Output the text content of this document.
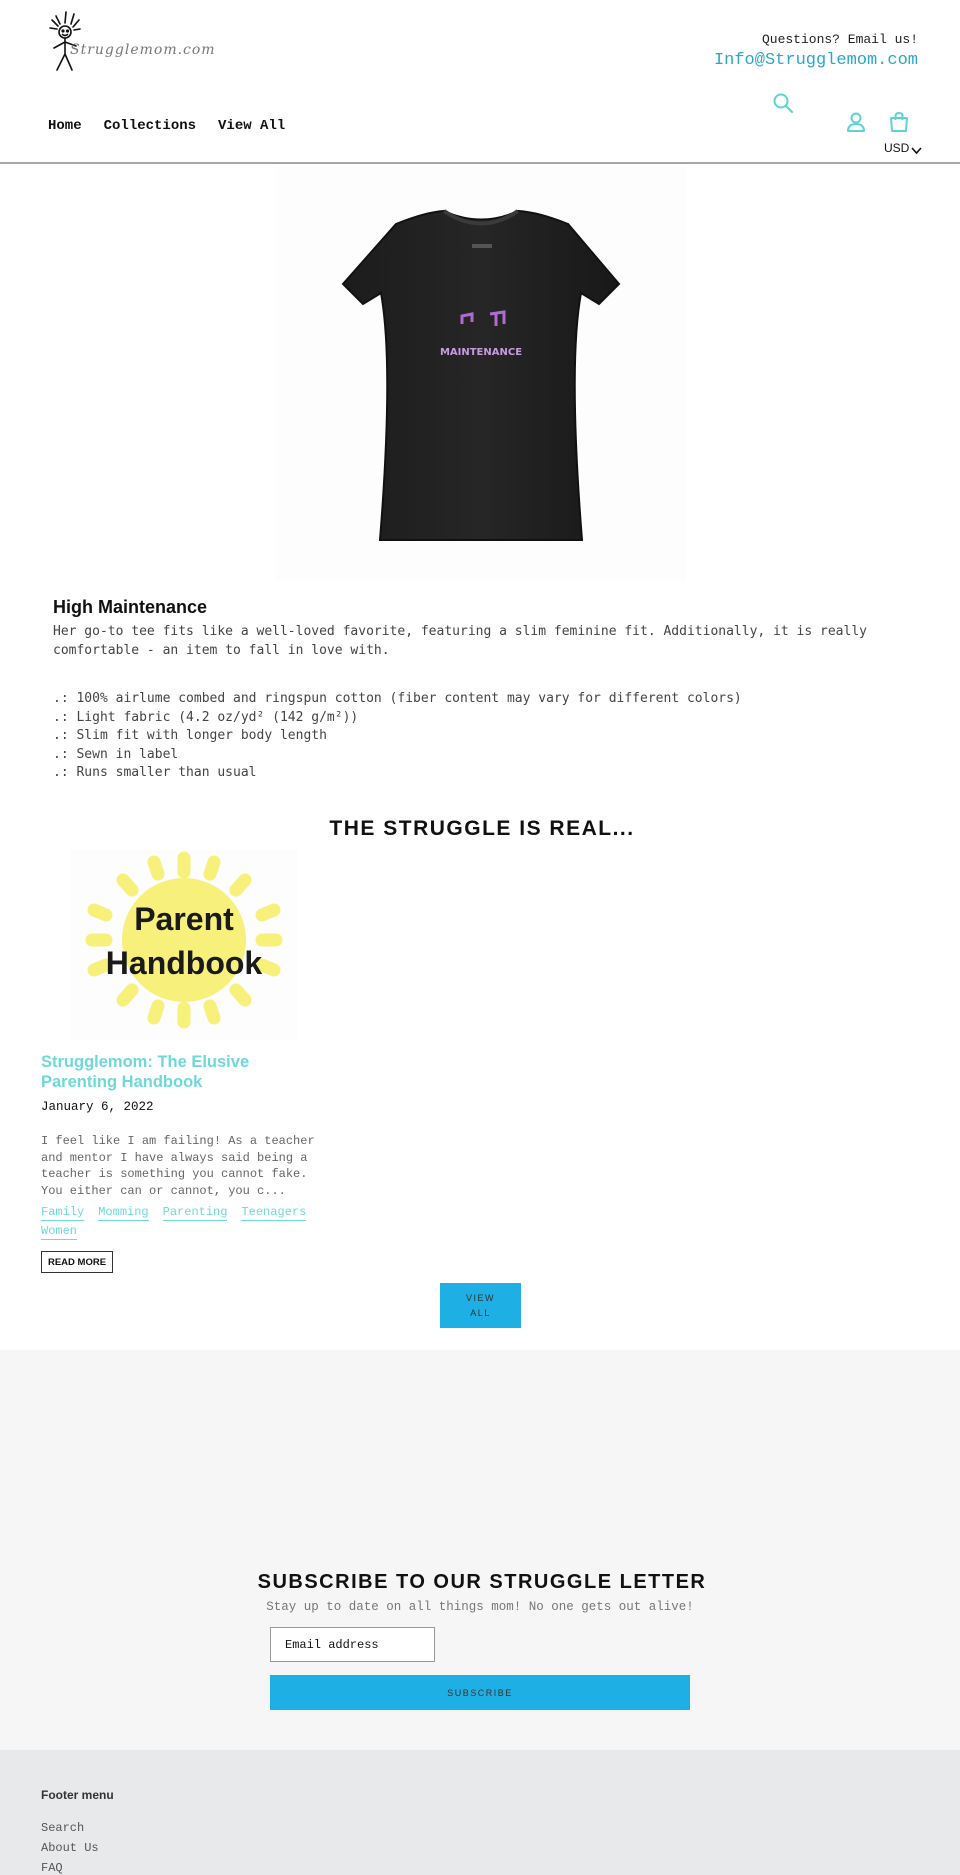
Strugglemom.com
Questions? Email us!
Info@Strugglemom.com
Home Collections View All
USD
MAINTENANCE
High Maintenance

Her go-to tee fits like a well-loved favorite, featuring a slim feminine fit. Additionally, it is really comfortable - an item to fall in love with.

.: 100% airlume combed and ringspun cotton (fiber content may vary for different colors)
.: Light fabric (4.2 oz/yd² (142 g/m²))
.: Slim fit with longer body length
.: Sewn in label
.: Runs smaller than usual
THE STRUGGLE IS REAL...
Parent
Handbook
Strugglemom: The Elusive Parenting Handbook
January 6, 2022

I feel like I am failing! As a teacher and mentor I have always said being a teacher is something you cannot fake. You either can or cannot, you c...

Family Momming Parenting Teenagers
Women
READ MORE
VIEW ALL
SUBSCRIBE TO OUR STRUGGLE LETTER

Stay up to date on all things mom! No one gets out alive!

Email address
SUBSCRIBE
Footer menu
Search
About Us
FAQ
